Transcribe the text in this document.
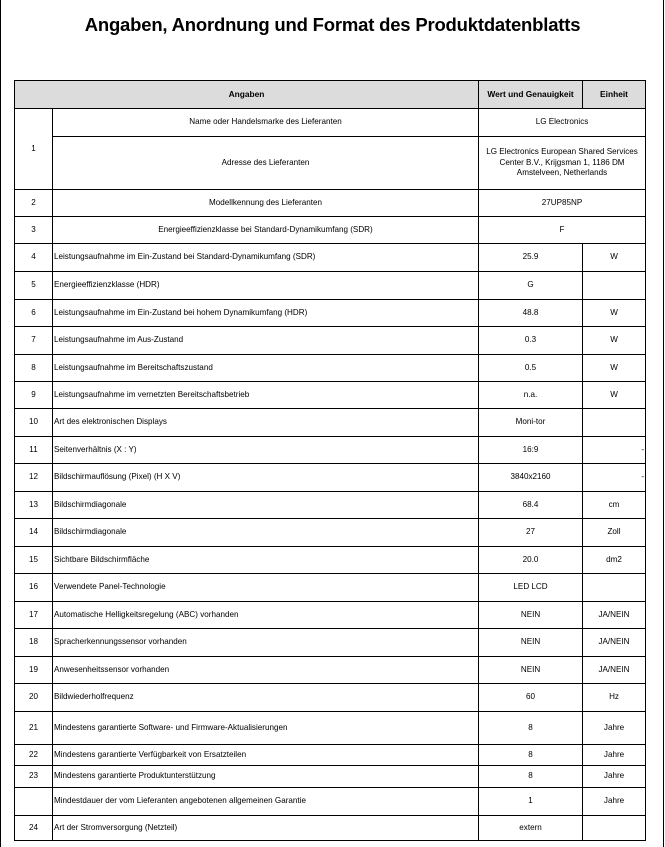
Angaben, Anordnung und Format des Produktdatenblatts
Angaben		Wert und Genauigkeit	Einheit
1	Name oder Handelsmarke des Lieferanten	LG Electronics	
	Adresse des Lieferanten	LG Electronics European Shared Services Center B.V., Krijgsman 1, 1186 DM Amstelveen, Netherlands	
2	Modellkennung des Lieferanten	27UP85NP	
3	Energieeffizienzklasse bei Standard-Dynamikumfang (SDR)	F	
4	Leistungsaufnahme im Ein-Zustand bei Standard-Dynamikumfang (SDR)	25.9	W
5	Energieeffizienzklasse (HDR)	G	
6	Leistungsaufnahme im Ein-Zustand bei hohem Dynamikumfang (HDR)	48.8	W
7	Leistungsaufnahme im Aus-Zustand	0.3	W
8	Leistungsaufnahme im Bereitschaftszustand	0.5	W
9	Leistungsaufnahme im vernetzten Bereitschaftsbetrieb	n.a.	W
10	Art des elektronischen Displays	Moni-tor	
11	Seitenverhältnis (X : Y)	16:9	-
12	Bildschirmauflösung (Pixel) (H X V)	3840x2160	-
13	Bildschirmdiagonale	68.4	cm
14	Bildschirmdiagonale	27	Zoll
15	Sichtbare Bildschirmfläche	20.0	dm2
16	Verwendete Panel-Technologie	LED LCD	
17	Automatische Helligkeitsregelung (ABC) vorhanden	NEIN	JA/NEIN
18	Spracherkennungssensor vorhanden	NEIN	JA/NEIN
19	Anwesenheitssensor vorhanden	NEIN	JA/NEIN
20	Bildwiederholfrequenz	60	Hz
21	Mindestens garantierte Software- und Firmware-Aktualisierungen	8	Jahre
22	Mindestens garantierte Verfügbarkeit von Ersatzteilen	8	Jahre
23	Mindestens garantierte Produktunterstützung	8	Jahre
	Mindestdauer der vom Lieferanten angebotenen allgemeinen Garantie	1	Jahre
24	Art der Stromversorgung (Netzteil)	extern	
